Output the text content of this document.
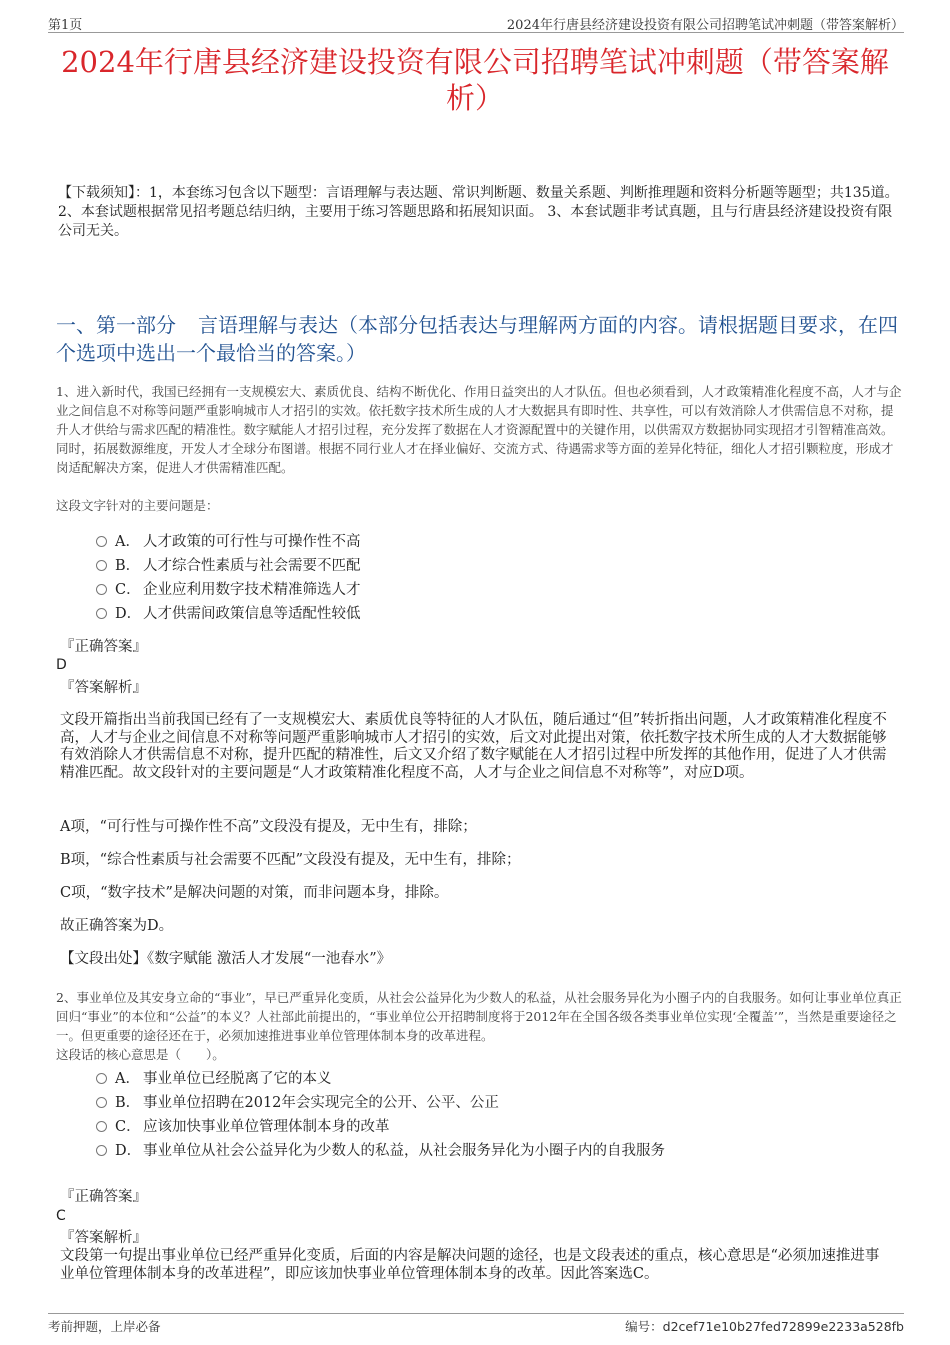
第1页	2024年行唐县经济建设投资有限公司招聘笔试冲刺题（带答案解析）
2024年行唐县经济建设投资有限公司招聘笔试冲刺题（带答案解析）
【下载须知】：1，本套练习包含以下题型：言语理解与表达题、常识判断题、数量关系题、判断推理题和资料分析题等题型；共135道。 2、本套试题根据常见招考题总结归纳，主要用于练习答题思路和拓展知识面。 3、本套试题非考试真题，且与行唐县经济建设投资有限公司无关。
一、第一部分 言语理解与表达（本部分包括表达与理解两方面的内容。请根据题目要求，在四个选项中选出一个最恰当的答案。）
1、进入新时代，我国已经拥有一支规模宏大、素质优良、结构不断优化、作用日益突出的人才队伍。但也必须看到，人才政策精准化程度不高，人才与企业之间信息不对称等问题严重影响城市人才招引的实效。依托数字技术所生成的人才大数据具有即时性、共享性，可以有效消除人才供需信息不对称，提升人才供给与需求匹配的精准性。数字赋能人才招引过程，充分发挥了数据在人才资源配置中的关键作用，以供需双方数据协同实现招才引智精准高效。同时，拓展数源维度，开发人才全球分布图谱。根据不同行业人才在择业偏好、交流方式、待遇需求等方面的差异化特征，细化人才招引颗粒度，形成才岗适配解决方案，促进人才供需精准匹配。
这段文字针对的主要问题是：
A． 人才政策的可行性与可操作性不高
B． 人才综合性素质与社会需要不匹配
C． 企业应利用数字技术精准筛选人才
D． 人才供需间政策信息等适配性较低
『正确答案』
D
『答案解析』
文段开篇指出当前我国已经有了一支规模宏大、素质优良等特征的人才队伍，随后通过“但”转折指出问题，人才政策精准化程度不高，人才与企业之间信息不对称等问题严重影响城市人才招引的实效，后文对此提出对策，依托数字技术所生成的人才大数据能够有效消除人才供需信息不对称，提升匹配的精准性，后文又介绍了数字赋能在人才招引过程中所发挥的其他作用，促进了人才供需精准匹配。故文段针对的主要问题是“人才政策精准化程度不高，人才与企业之间信息不对称等”，对应D项。
A项，“可行性与可操作性不高”文段没有提及，无中生有，排除；
B项，“综合性素质与社会需要不匹配”文段没有提及，无中生有，排除；
C项，“数字技术”是解决问题的对策，而非问题本身，排除。
故正确答案为D。
【文段出处】《数字赋能 激活人才发展“一池春水”》
2、事业单位及其安身立命的“事业”，早已严重异化变质，从社会公益异化为少数人的私益，从社会服务异化为小圈子内的自我服务。如何让事业单位真正回归“事业”的本位和“公益”的本义？人社部此前提出的，“事业单位公开招聘制度将于2012年在全国各级各类事业单位实现‘全覆盖’”，当然是重要途径之一。但更重要的途径还在于，必须加速推进事业单位管理体制本身的改革进程。
这段话的核心意思是（　　）。
A． 事业单位已经脱离了它的本义
B． 事业单位招聘在2012年会实现完全的公开、公平、公正
C． 应该加快事业单位管理体制本身的改革
D． 事业单位从社会公益异化为少数人的私益，从社会服务异化为小圈子内的自我服务
『正确答案』
C
『答案解析』
文段第一句提出事业单位已经严重异化变质，后面的内容是解决问题的途径，也是文段表述的重点，核心意思是“必须加速推进事业单位管理体制本身的改革进程”，即应该加快事业单位管理体制本身的改革。因此答案选C。
考前押题，上岸必备	编号：d2cef71e10b27fed72899e2233a528fb
